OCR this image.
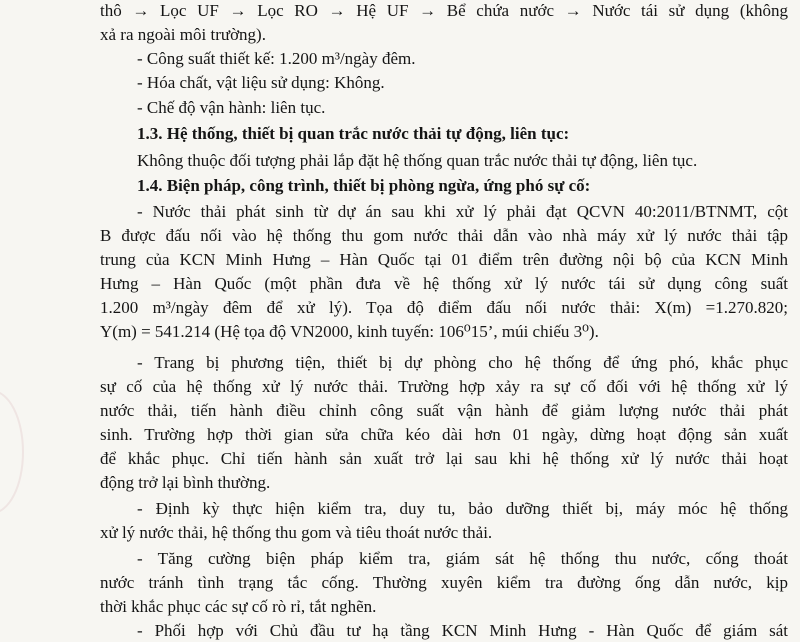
thô → Lọc UF → Lọc RO → Hệ UF → Bể chứa nước → Nước tái sử dụng (không
xả ra ngoài môi trường).
- Công suất thiết kế: 1.200 m³/ngày đêm.
- Hóa chất, vật liệu sử dụng: Không.
- Chế độ vận hành: liên tục.
1.3. Hệ thống, thiết bị quan trắc nước thải tự động, liên tục:
Không thuộc đối tượng phải lắp đặt hệ thống quan trắc nước thải tự động, liên tục.
1.4. Biện pháp, công trình, thiết bị phòng ngừa, ứng phó sự cố:
- Nước thải phát sinh từ dự án sau khi xử lý phải đạt QCVN 40:2011/BTNMT, cột
B được đấu nối vào hệ thống thu gom nước thải dẫn vào nhà máy xử lý nước thải tập
trung của KCN Minh Hưng – Hàn Quốc tại 01 điểm trên đường nội bộ của KCN Minh
Hưng – Hàn Quốc (một phần đưa về hệ thống xử lý nước tái sử dụng công suất
1.200 m³/ngày đêm để xử lý). Tọa độ điểm đấu nối nước thải: X(m) =1.270.820;
Y(m) = 541.214 (Hệ tọa độ VN2000, kinh tuyến: 106⁰15’, múi chiếu 3⁰).
- Trang bị phương tiện, thiết bị dự phòng cho hệ thống để ứng phó, khắc phục
sự cố của hệ thống xử lý nước thải. Trường hợp xảy ra sự cố đối với hệ thống xử lý
nước thải, tiến hành điều chỉnh công suất vận hành để giảm lượng nước thải phát
sinh. Trường hợp thời gian sửa chữa kéo dài hơn 01 ngày, dừng hoạt động sản xuất
để khắc phục. Chỉ tiến hành sản xuất trở lại sau khi hệ thống xử lý nước thải hoạt
động trở lại bình thường.
- Định kỳ thực hiện kiểm tra, duy tu, bảo dưỡng thiết bị, máy móc hệ thống
xử lý nước thải, hệ thống thu gom và tiêu thoát nước thải.
- Tăng cường biện pháp kiểm tra, giám sát hệ thống thu nước, cống thoát
nước tránh tình trạng tắc cống. Thường xuyên kiểm tra đường ống dẫn nước, kịp
thời khắc phục các sự cố rò rỉ, tắt nghẽn.
- Phối hợp với Chủ đầu tư hạ tầng KCN Minh Hưng - Hàn Quốc để giám sát
